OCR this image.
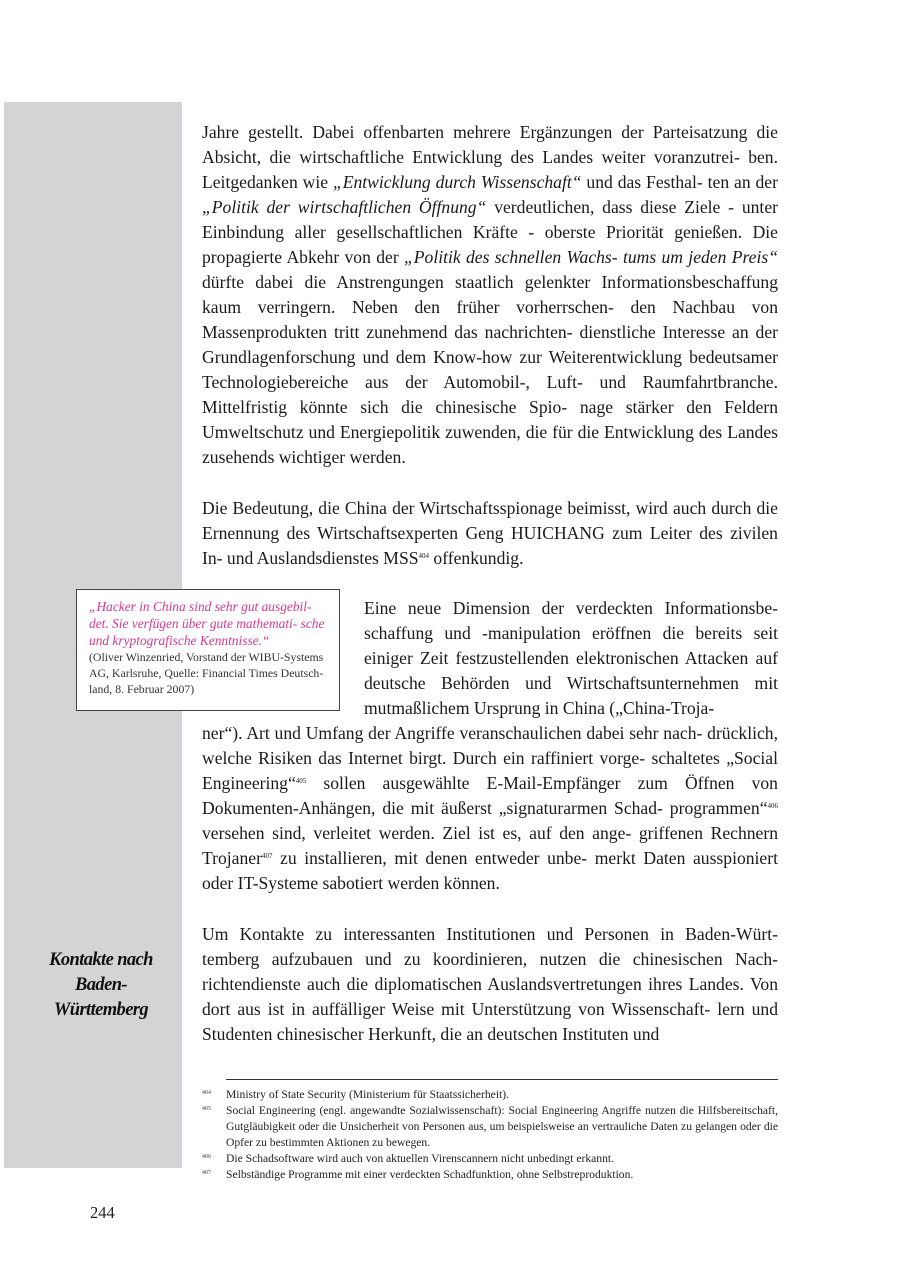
Jahre gestellt. Dabei offenbarten mehrere Ergänzungen der Parteisatzung die Absicht, die wirtschaftliche Entwicklung des Landes weiter voranzutrei- ben. Leitgedanken wie „Entwicklung durch Wissenschaft“ und das Festhal- ten an der „Politik der wirtschaftlichen Öffnung“ verdeutlichen, dass diese Ziele - unter Einbindung aller gesellschaftlichen Kräfte - oberste Priorität genießen. Die propagierte Abkehr von der „Politik des schnellen Wachs- tums um jeden Preis“ dürfte dabei die Anstrengungen staatlich gelenkter Informationsbeschaffung kaum verringern. Neben den früher vorherrschen- den Nachbau von Massenprodukten tritt zunehmend das nachrichten- dienstliche Interesse an der Grundlagenforschung und dem Know-how zur Weiterentwicklung bedeutsamer Technologiebereiche aus der Automobil-, Luft- und Raumfahrtbranche. Mittelfristig könnte sich die chinesische Spio- nage stärker den Feldern Umweltschutz und Energiepolitik zuwenden, die für die Entwicklung des Landes zusehends wichtiger werden.

Die Bedeutung, die China der Wirtschaftsspionage beimisst, wird auch durch die Ernennung des Wirtschaftsexperten Geng HUICHANG zum Leiter des zivilen In- und Auslandsdienstes MSS$^{404}$ offenkundig.

„Hacker in China sind sehr gut ausgebil- det. Sie verfügen über gute mathemati- sche und kryptografische Kenntnisse.“

(Oliver Winzenried, Vorstand der WIBU-Systems AG, Karlsruhe, Quelle: Financial Times Deutsch- land, 8. Februar 2007)

Eine neue Dimension der verdeckten Informationsbe- schaffung und -manipulation eröffnen die bereits seit einiger Zeit festzustellenden elektronischen Attacken auf deutsche Behörden und Wirtschaftsunternehmen mit mutmaßlichem Ursprung in China („China-Troja-

ner“). Art und Umfang der Angriffe veranschaulichen dabei sehr nach- drücklich, welche Risiken das Internet birgt. Durch ein raffiniert vorge- schaltetes „Social Engineering“$^{405}$ sollen ausgewählte E-Mail-Empfänger zum Öffnen von Dokumenten-Anhängen, die mit äußerst „signaturarmen Schad- programmen“$^{406}$ versehen sind, verleitet werden. Ziel ist es, auf den ange- griffenen Rechnern Trojaner$^{407}$ zu installieren, mit denen entweder unbe- merkt Daten ausspioniert oder IT-Systeme sabotiert werden können.

Kontakte nach
Baden-
Württemberg

Um Kontakte zu interessanten Institutionen und Personen in Baden-Würt- temberg aufzubauen und zu koordinieren, nutzen die chinesischen Nach- richtendienste auch die diplomatischen Auslandsvertretungen ihres Landes. Von dort aus ist in auffälliger Weise mit Unterstützung von Wissenschaft- lern und Studenten chinesischer Herkunft, die an deutschen Instituten und

404	Ministry of State Security (Ministerium für Staatssicherheit).
405	Social Engineering (engl. angewandte Sozialwissenschaft): Social Engineering Angriffe nutzen die Hilfsbereitschaft, Gutgläubigkeit oder die Unsicherheit von Personen aus, um beispielsweise an vertrauliche Daten zu gelangen oder die Opfer zu bestimmten Aktionen zu bewegen.
406	Die Schadsoftware wird auch von aktuellen Virenscannern nicht unbedingt erkannt.
407	Selbständige Programme mit einer verdeckten Schadfunktion, ohne Selbstreproduktion.
244
